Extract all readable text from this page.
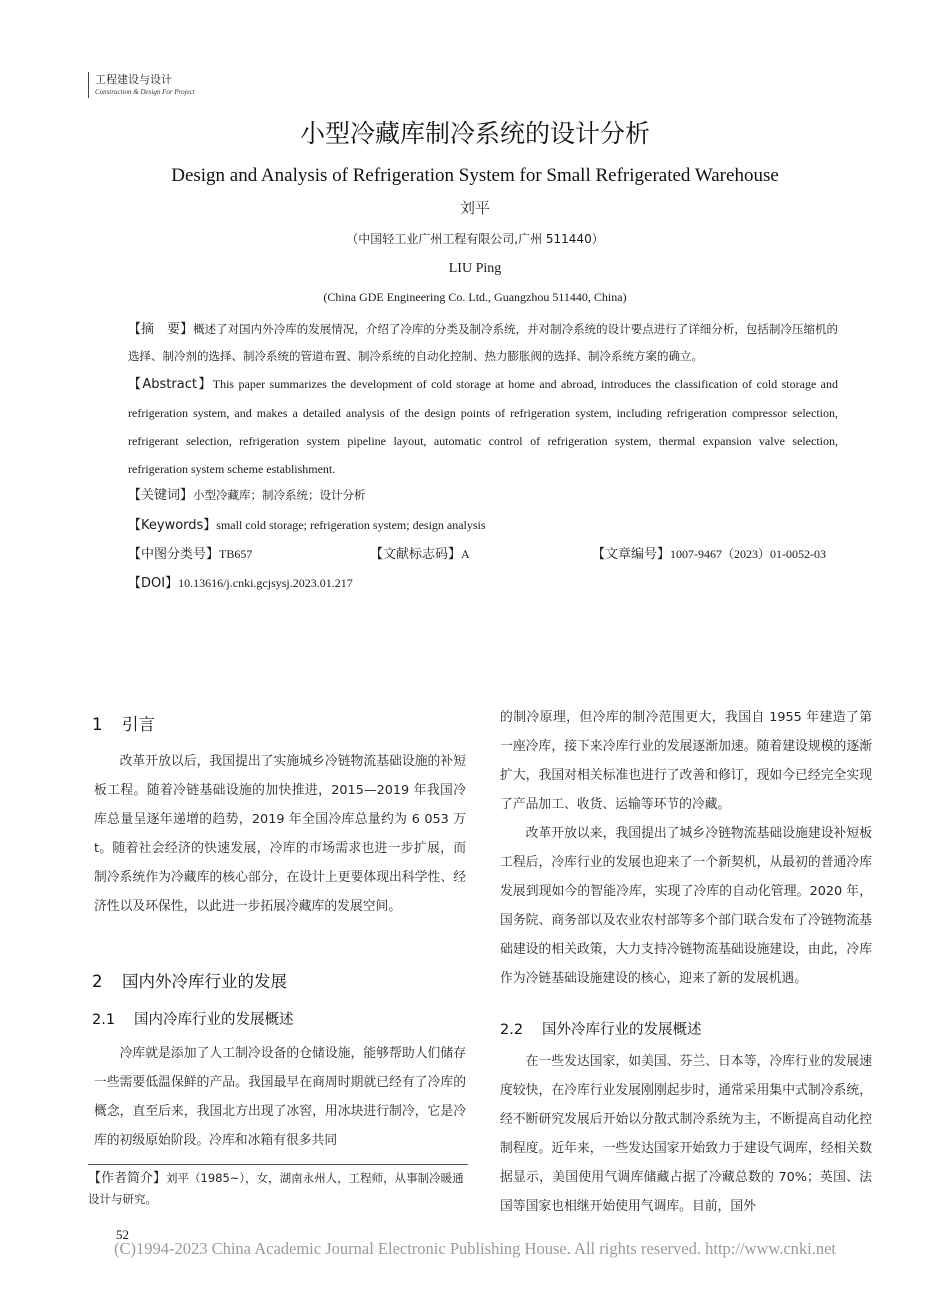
工程建设与设计
Construction & Design For Project
小型冷藏库制冷系统的设计分析
Design and Analysis of Refrigeration System for Small Refrigerated Warehouse
刘平
（中国轻工业广州工程有限公司,广州 511440）
LIU Ping
(China GDE Engineering Co. Ltd., Guangzhou 511440, China)
【摘　要】概述了对国内外冷库的发展情况，介绍了冷库的分类及制冷系统，并对制冷系统的设计要点进行了详细分析，包括制冷压缩机的选择、制冷剂的选择、制冷系统的管道布置、制冷系统的自动化控制、热力膨胀阀的选择、制冷系统方案的确立。
【Abstract】This paper summarizes the development of cold storage at home and abroad, introduces the classification of cold storage and refrigeration system, and makes a detailed analysis of the design points of refrigeration system, including refrigeration compressor selection, refrigerant selection, refrigeration system pipeline layout, automatic control of refrigeration system, thermal expansion valve selection, refrigeration system scheme establishment.
【关键词】小型冷藏库；制冷系统；设计分析
【Keywords】small cold storage; refrigeration system; design analysis
【中图分类号】TB657	【文献标志码】A	【文章编号】1007-9467（2023）01-0052-03
【DOI】10.13616/j.cnki.gcjsysj.2023.01.217
1 引言

改革开放以后，我国提出了实施城乡冷链物流基础设施的补短板工程。随着冷链基础设施的加快推进，2015—2019 年我国冷库总量呈逐年递增的趋势，2019 年全国冷库总量约为 6 053 万 t。随着社会经济的快速发展，冷库的市场需求也进一步扩展，而制冷系统作为冷藏库的核心部分，在设计上更要体现出科学性、经济性以及环保性，以此进一步拓展冷藏库的发展空间。

2 国内外冷库行业的发展
2.1 国内冷库行业的发展概述

冷库就是添加了人工制冷设备的仓储设施，能够帮助人们储存一些需要低温保鲜的产品。我国最早在商周时期就已经有了冷库的概念，直至后来，我国北方出现了冰窖，用冰块进行制冷，它是冷库的初级原始阶段。冷库和冰箱有很多共同

的制冷原理，但冷库的制冷范围更大，我国自 1955 年建造了第一座冷库，接下来冷库行业的发展逐渐加速。随着建设规模的逐渐扩大，我国对相关标准也进行了改善和修订，现如今已经完全实现了产品加工、收货、运输等环节的冷藏。

改革开放以来，我国提出了城乡冷链物流基础设施建设补短板工程后，冷库行业的发展也迎来了一个新契机，从最初的普通冷库发展到现如今的智能冷库，实现了冷库的自动化管理。2020 年，国务院、商务部以及农业农村部等多个部门联合发布了冷链物流基础建设的相关政策，大力支持冷链物流基础设施建设，由此，冷库作为冷链基础设施建设的核心，迎来了新的发展机遇。

2.2 国外冷库行业的发展概述

在一些发达国家，如美国、芬兰、日本等，冷库行业的发展速度较快，在冷库行业发展刚刚起步时，通常采用集中式制冷系统，经不断研究发展后开始以分散式制冷系统为主，不断提高自动化控制程度。近年来，一些发达国家开始致力于建设气调库，经相关数据显示，美国使用气调库储藏占据了冷藏总数的 70%；英国、法国等国家也相继开始使用气调库。目前，国外

【作者简介】刘平（1985~），女，湖南永州人，工程师，从事制冷暖通设计与研究。
52
(C)1994-2023 China Academic Journal Electronic Publishing House. All rights reserved. http://www.cnki.net
